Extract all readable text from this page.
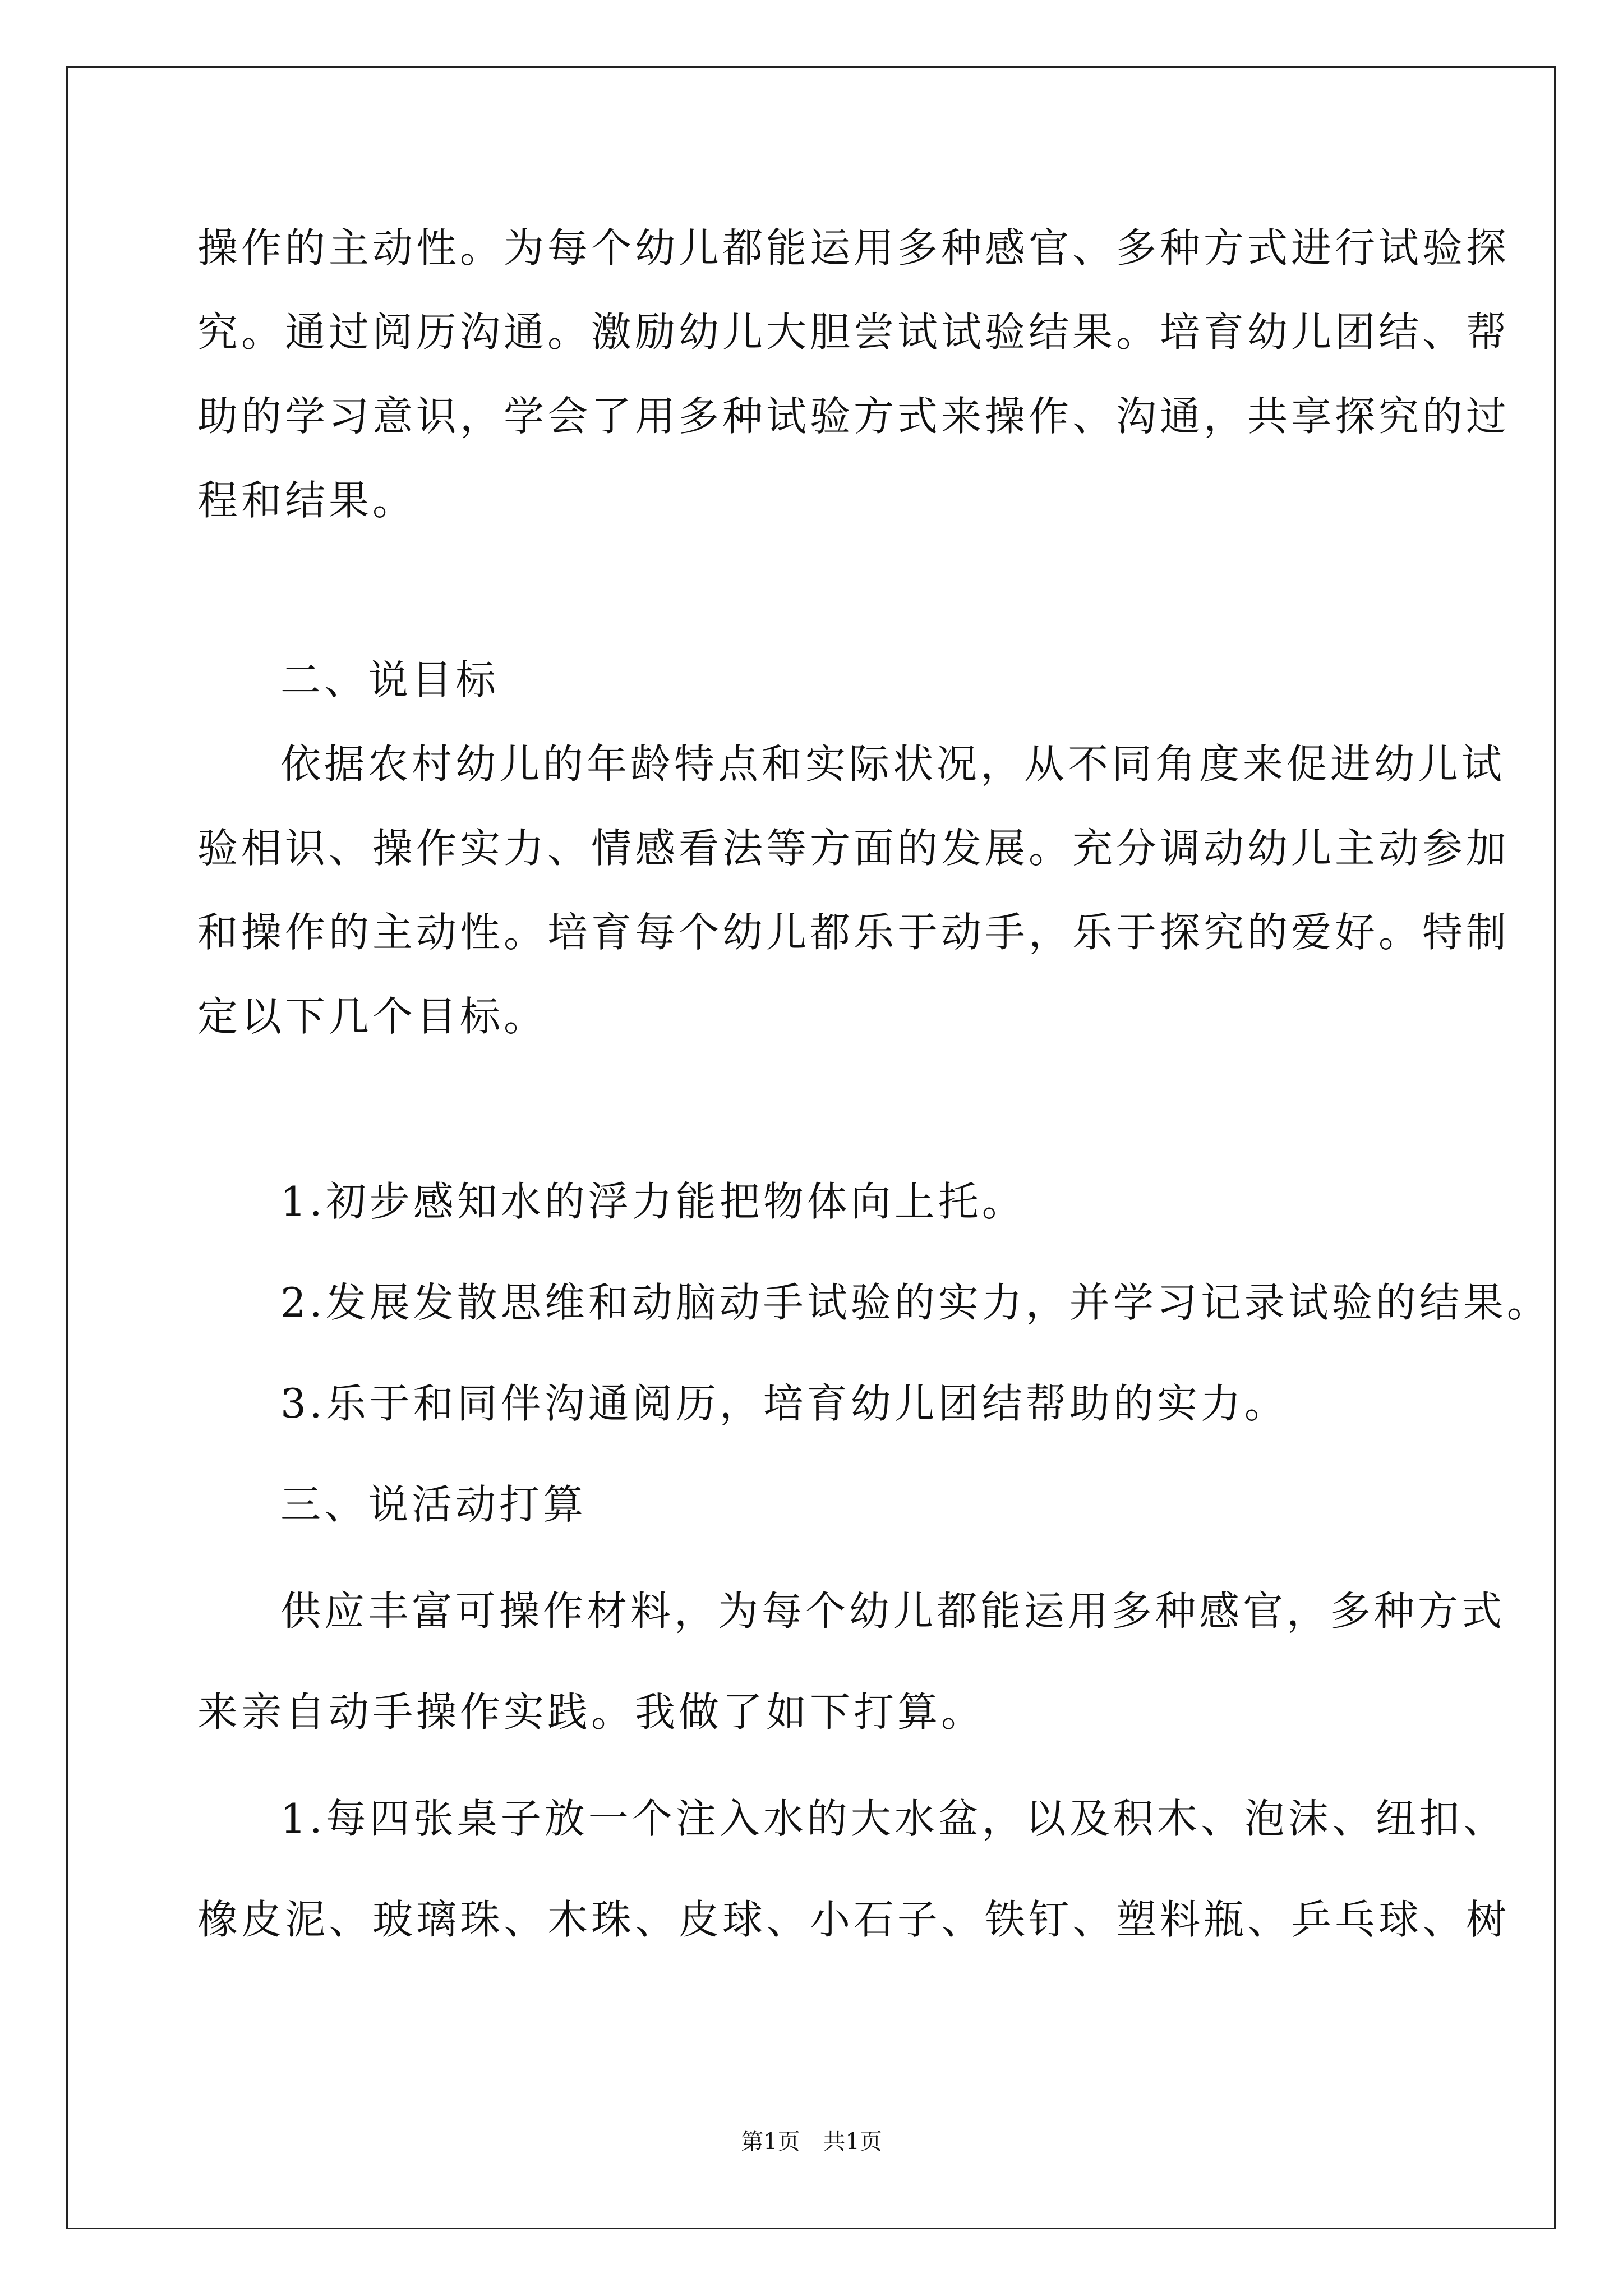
操作的主动性。为每个幼儿都能运用多种感官、多种方式进行试验探
究。通过阅历沟通。激励幼儿大胆尝试试验结果。培育幼儿团结、帮
助的学习意识，学会了用多种试验方式来操作、沟通，共享探究的过
程和结果。
二、说目标
依据农村幼儿的年龄特点和实际状况，从不同角度来促进幼儿试
验相识、操作实力、情感看法等方面的发展。充分调动幼儿主动参加
和操作的主动性。培育每个幼儿都乐于动手，乐于探究的爱好。特制
定以下几个目标。
1.初步感知水的浮力能把物体向上托。
2.发展发散思维和动脑动手试验的实力，并学习记录试验的结果。
3.乐于和同伴沟通阅历，培育幼儿团结帮助的实力。
三、说活动打算
供应丰富可操作材料，为每个幼儿都能运用多种感官，多种方式
来亲自动手操作实践。我做了如下打算。
1.每四张桌子放一个注入水的大水盆，以及积木、泡沫、纽扣、
橡皮泥、玻璃珠、木珠、皮球、小石子、铁钉、塑料瓶、乒乓球、树
第1页 共1页
